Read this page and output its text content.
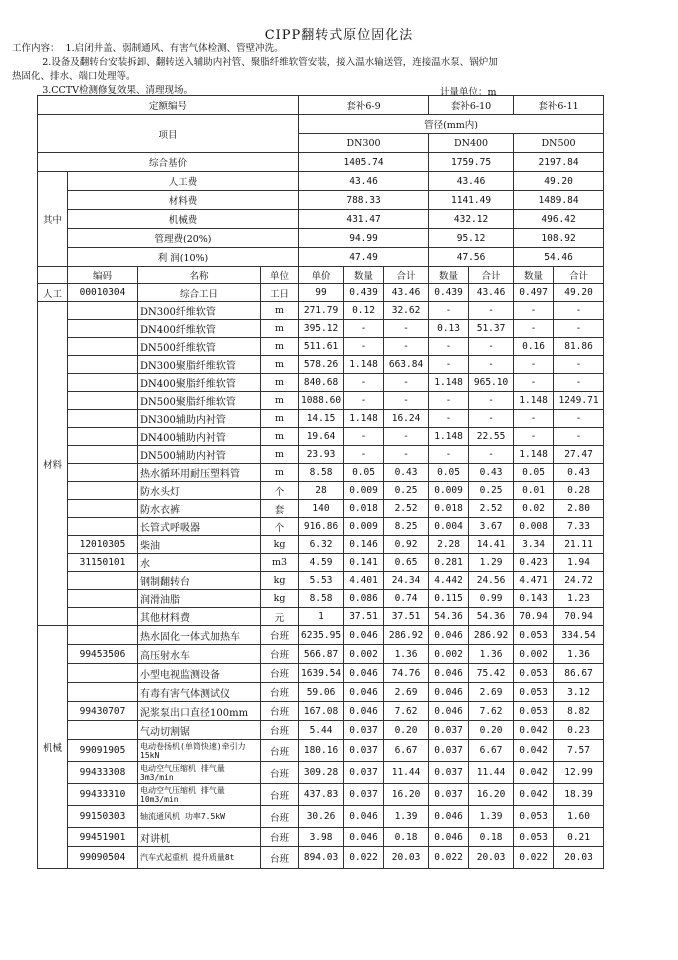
CIPP翻转式原位固化法
工作内容：  1.启闭井盖、弱制通风、有害气体检测、管壁冲洗。
2.设备及翻转台安装拆卸、翻转送入辅助内衬管、聚脂纤维软管安装，接入温水输送管，连接温水泵、锅炉加
热固化、排水、端口处理等。
3.CCTV检测修复效果、清理现场。	计量单位：m
定额编号				套补6-9			套补6-10		套补6-11	
项目				管径(mm内)						
				DN300			DN400		DN500	
综合基价				1405.74			1759.75		2197.84	
其中	人工费			43.46			43.46		49.20	
	材料费			788.33			1141.49		1489.84	
	机械费			431.47			432.12		496.42	
	管理费(20%)			94.99			95.12		108.92	
	利 润(10%)			47.49			47.56		54.46	
	编码	名称	单位	单价	数量	合计	数量	合计	数量	合计
人工	00010304	综合工日	工日	99	0.439	43.46	0.439	43.46	0.497	49.20
材料		DN300纤维软管	m	271.79	0.12	32.62	-	-	-	-
		DN400纤维软管	m	395.12	-	-	0.13	51.37	-	-
		DN500纤维软管	m	511.61	-	-	-	-	0.16	81.86
		DN300聚脂纤维软管	m	578.26	1.148	663.84	-	-	-	-
		DN400聚脂纤维软管	m	840.68	-	-	1.148	965.10	-	-
		DN500聚脂纤维软管	m	1088.60	-	-	-	-	1.148	1249.71
		DN300辅助内衬管	m	14.15	1.148	16.24	-	-	-	-
		DN400辅助内衬管	m	19.64	-	-	1.148	22.55	-	-
		DN500辅助内衬管	m	23.93	-	-	-	-	1.148	27.47
		热水循环用耐压塑料管	m	8.58	0.05	0.43	0.05	0.43	0.05	0.43
		防水头灯	个	28	0.009	0.25	0.009	0.25	0.01	0.28
		防水衣裤	套	140	0.018	2.52	0.018	2.52	0.02	2.80
		长管式呼吸器	个	916.86	0.009	8.25	0.004	3.67	0.008	7.33
	12010305	柴油	kg	6.32	0.146	0.92	2.28	14.41	3.34	21.11
	31150101	水	m3	4.59	0.141	0.65	0.281	1.29	0.423	1.94
		钢制翻转台	kg	5.53	4.401	24.34	4.442	24.56	4.471	24.72
		润滑油脂	kg	8.58	0.086	0.74	0.115	0.99	0.143	1.23
		其他材料费	元	1	37.51	37.51	54.36	54.36	70.94	70.94
机械		热水固化一体式加热车	台班	6235.95	0.046	286.92	0.046	286.92	0.053	334.54
	99453506	高压射水车	台班	566.87	0.002	1.36	0.002	1.36	0.002	1.36
		小型电视监测设备	台班	1639.54	0.046	74.76	0.046	75.42	0.053	86.67
		有毒有害气体测试仪	台班	59.06	0.046	2.69	0.046	2.69	0.053	3.12
	99430707	泥浆泵出口直径100mm	台班	167.08	0.046	7.62	0.046	7.62	0.053	8.82
		气动切割锯	台班	5.44	0.037	0.20	0.037	0.20	0.042	0.23
	99091905	电动卷扬机(单筒快速)牵引力15kN	台班	180.16	0.037	6.67	0.037	6.67	0.042	7.57
	99433308	电动空气压缩机 排气量3m3/min	台班	309.28	0.037	11.44	0.037	11.44	0.042	12.99
	99433310	电动空气压缩机 排气量10m3/min	台班	437.83	0.037	16.20	0.037	16.20	0.042	18.39
	99150303	轴流通风机 功率7.5kW	台班	30.26	0.046	1.39	0.046	1.39	0.053	1.60
	99451901	对讲机	台班	3.98	0.046	0.18	0.046	0.18	0.053	0.21
	99090504	汽车式起重机 提升质量8t	台班	894.03	0.022	20.03	0.022	20.03	0.022	20.03
